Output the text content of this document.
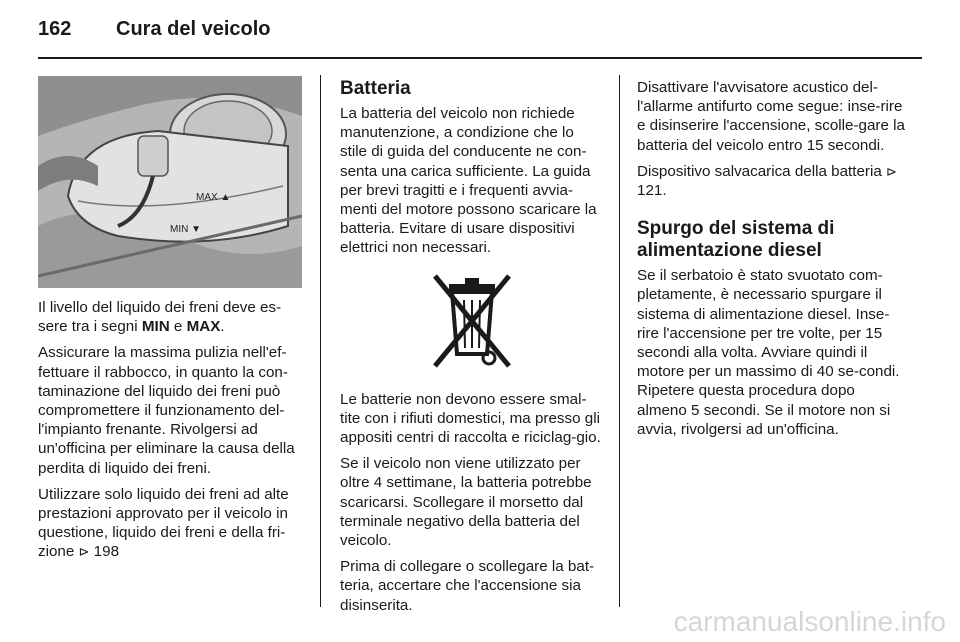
162	Cura del veicolo
MAX ▲
MIN ▼

Il livello del liquido dei freni deve es-sere tra i segni MIN e MAX.

Assicurare la massima pulizia nell'ef-fettuare il rabbocco, in quanto la con-taminazione del liquido dei freni può compromettere il funzionamento del-l'impianto frenante. Rivolgersi ad un'officina per eliminare la causa della perdita di liquido dei freni.

Utilizzare solo liquido dei freni ad alte prestazioni approvato per il veicolo in questione, liquido dei freni e della fri-zione ⊳ 198

Batteria

La batteria del veicolo non richiede manutenzione, a condizione che lo stile di guida del conducente ne con-senta una carica sufficiente. La guida per brevi tragitti e i frequenti avvia-menti del motore possono scaricare la batteria. Evitare di usare dispositivi elettrici non necessari.

Le batterie non devono essere smal-tite con i rifiuti domestici, ma presso gli appositi centri di raccolta e riciclag-gio.

Se il veicolo non viene utilizzato per oltre 4 settimane, la batteria potrebbe scaricarsi. Scollegare il morsetto dal terminale negativo della batteria del veicolo.

Prima di collegare o scollegare la bat-teria, accertare che l'accensione sia disinserita.

Disattivare l'avvisatore acustico del-l'allarme antifurto come segue: inse-rire e disinserire l'accensione, scolle-gare la batteria del veicolo entro 15 secondi.

Dispositivo salvacarica della batteria ⊳ 121.

Spurgo del sistema di alimentazione diesel

Se il serbatoio è stato svuotato com-pletamente, è necessario spurgare il sistema di alimentazione diesel. Inse-rire l'accensione per tre volte, per 15 secondi alla volta. Avviare quindi il motore per un massimo di 40 se-condi. Ripetere questa procedura dopo almeno 5 secondi. Se il motore non si avvia, rivolgersi ad un'officina.

carmanualsonline.info
